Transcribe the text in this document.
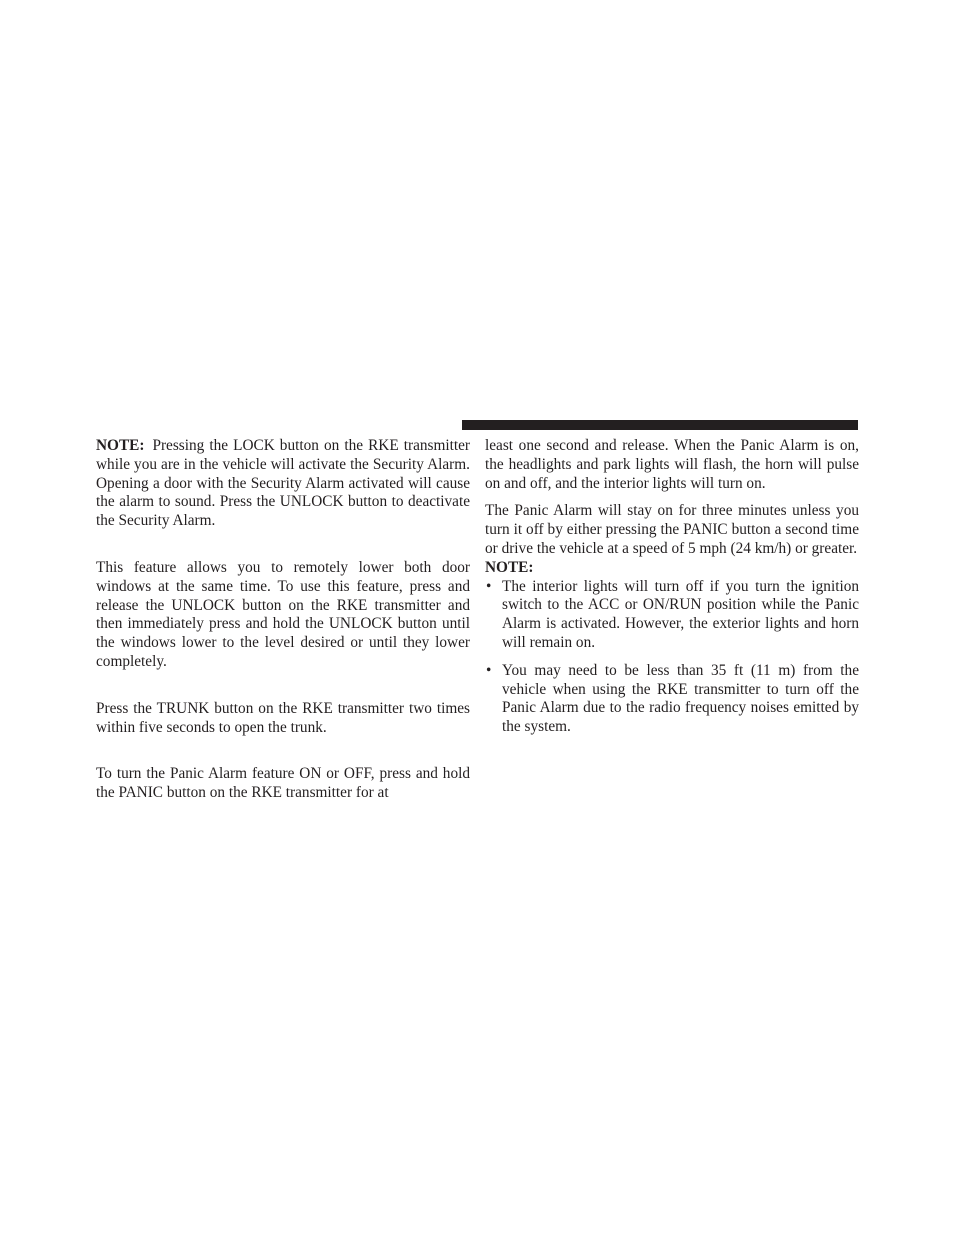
NOTE: Pressing the LOCK button on the RKE transmitter while you are in the vehicle will activate the Security Alarm. Opening a door with the Security Alarm activated will cause the alarm to sound. Press the UNLOCK button to deactivate the Security Alarm.

This feature allows you to remotely lower both door windows at the same time. To use this feature, press and release the UNLOCK button on the RKE transmitter and then immediately press and hold the UNLOCK button until the windows lower to the level desired or until they lower completely.

Press the TRUNK button on the RKE transmitter two times within five seconds to open the trunk.

To turn the Panic Alarm feature ON or OFF, press and hold the PANIC button on the RKE transmitter for at

least one second and release. When the Panic Alarm is on, the headlights and park lights will flash, the horn will pulse on and off, and the interior lights will turn on.

The Panic Alarm will stay on for three minutes unless you turn it off by either pressing the PANIC button a second time or drive the vehicle at a speed of 5 mph (24 km/h) or greater.

NOTE:

• The interior lights will turn off if you turn the ignition switch to the ACC or ON/RUN position while the Panic Alarm is activated. However, the exterior lights and horn will remain on.
• You may need to be less than 35 ft (11 m) from the vehicle when using the RKE transmitter to turn off the Panic Alarm due to the radio frequency noises emitted by the system.
